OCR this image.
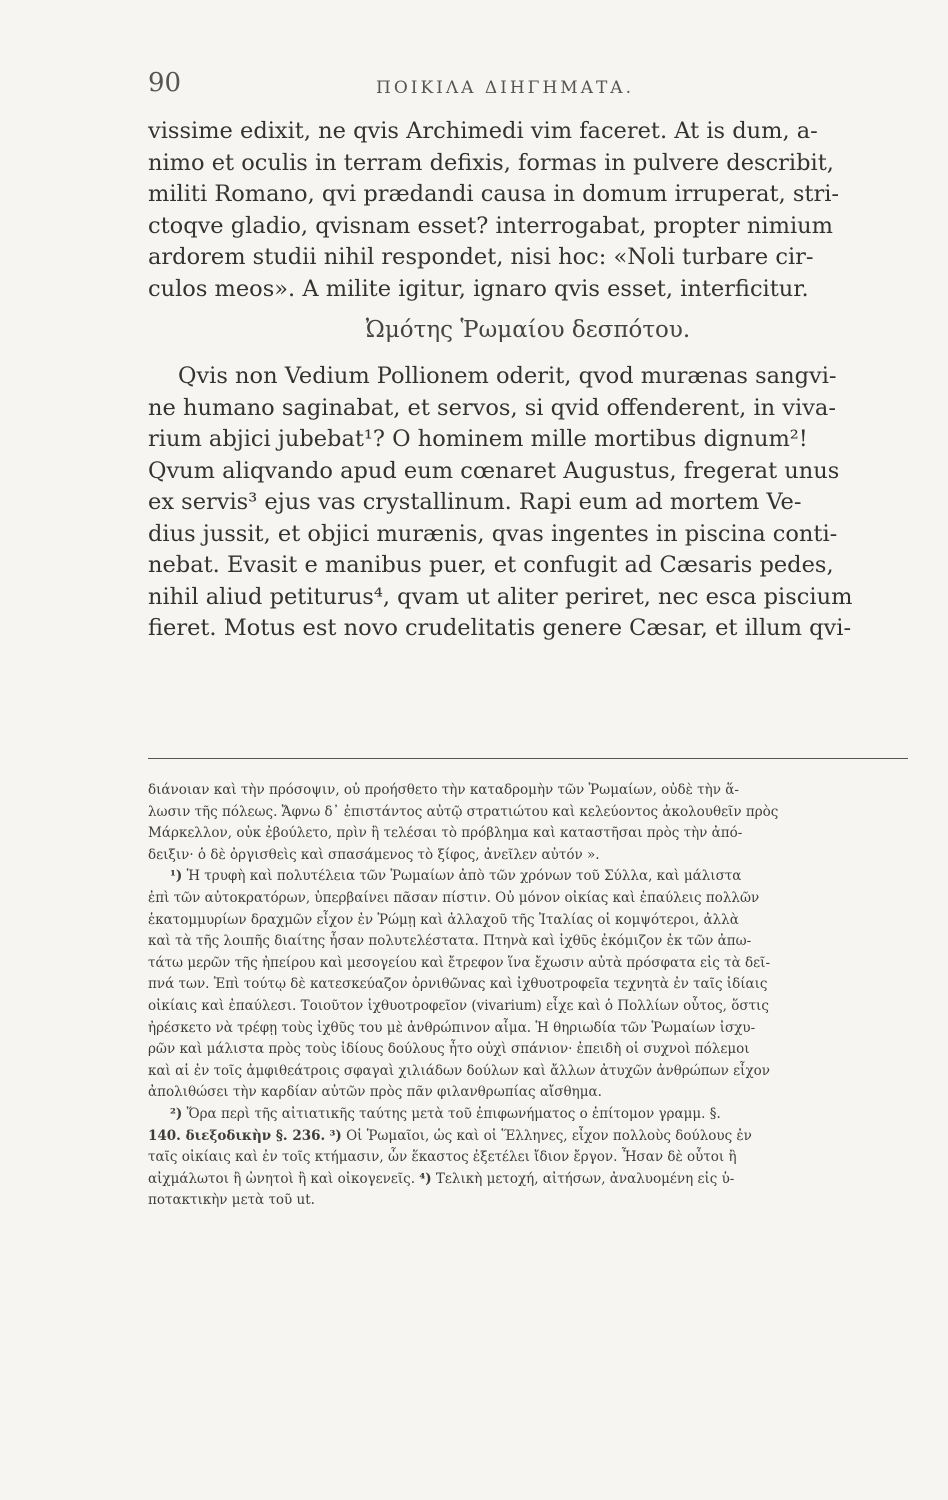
90	ΠΟΙΚΙΛΑ ΔΙΗΓΗΜΑΤΑ.
vissime edixit, ne qvis Archimedi vim faceret. At is dum, a-
nimo et oculis in terram defixis, formas in pulvere describit,
militi Romano, qvi prædandi causa in domum irruperat, stri-
ctoqve gladio, qvisnam esset? interrogabat, propter nimium
ardorem studii nihil respondet, nisi hoc: «Noli turbare cir-
culos meos». A milite igitur, ignaro qvis esset, interficitur.
Ὠμότης Ῥωμαίου δεσπότου.
Qvis non Vedium Pollionem oderit, qvod murænas sangvi-
ne humano saginabat, et servos, si qvid offenderent, in viva-
rium abjici jubebat¹? O hominem mille mortibus dignum²!
Qvum aliqvando apud eum cœnaret Augustus, fregerat unus
ex servis³ ejus vas crystallinum. Rapi eum ad mortem Ve-
dius jussit, et objici murænis, qvas ingentes in piscina conti-
nebat. Evasit e manibus puer, et confugit ad Cæsaris pedes,
nihil aliud petiturus⁴, qvam ut aliter periret, nec esca piscium
fieret. Motus est novo crudelitatis genere Cæsar, et illum qvi-
διάνοιαν καὶ τὴν πρόσοψιν, οὐ προήσθετο τὴν καταδρομὴν τῶν Ῥωμαίων, οὐδὲ τὴν ἅ-
λωσιν τῆς πόλεως. Ἄφνω δ᾽ ἐπιστάντος αὐτῷ στρατιώτου καὶ κελεύοντος ἀκολουθεῖν πρὸς
Μάρκελλον, οὐκ ἐβούλετο, πρὶν ἢ τελέσαι τὸ πρόβλημα καὶ καταστῆσαι πρὸς τὴν ἀπό-
δειξιν· ὁ δὲ ὀργισθεὶς καὶ σπασάμενος τὸ ξίφος, ἀνεῖλεν αὐτόν ».
¹) Ἡ τρυφὴ καὶ πολυτέλεια τῶν Ῥωμαίων ἀπὸ τῶν χρόνων τοῦ Σύλλα, καὶ μάλιστα
ἐπὶ τῶν αὐτοκρατόρων, ὑπερβαίνει πᾶσαν πίστιν. Οὐ μόνον οἰκίας καὶ ἐπαύλεις πολλῶν
ἑκατομμυρίων δραχμῶν εἶχον ἐν Ῥώμῃ καὶ ἀλλαχοῦ τῆς Ἰταλίας οἱ κομψότεροι, ἀλλὰ
καὶ τὰ τῆς λοιπῆς διαίτης ἦσαν πολυτελέστατα. Πτηνὰ καὶ ἰχθῦς ἐκόμιζον ἐκ τῶν ἀπω-
τάτω μερῶν τῆς ἠπείρου καὶ μεσογείου καὶ ἔτρεφον ἵνα ἔχωσιν αὐτὰ πρόσφατα εἰς τὰ δεῖ-
πνά των. Ἐπὶ τούτῳ δὲ κατεσκεύαζον ὀρνιθῶνας καὶ ἰχθυοτροφεῖα τεχνητὰ ἐν ταῖς ἰδίαις
οἰκίαις καὶ ἐπαύλεσι. Τοιοῦτον ἰχθυοτροφεῖον (vivarium) εἶχε καὶ ὁ Πολλίων οὗτος, ὅστις
ἠρέσκετο νὰ τρέφῃ τοὺς ἰχθῦς του μὲ ἀνθρώπινον αἷμα. Ἡ θηριωδία τῶν Ῥωμαίων ἰσχυ-
ρῶν καὶ μάλιστα πρὸς τοὺς ἰδίους δούλους ἦτο οὐχὶ σπάνιον· ἐπειδὴ οἱ συχνοὶ πόλεμοι
καὶ αἱ ἐν τοῖς ἀμφιθεάτροις σφαγαὶ χιλιάδων δούλων καὶ ἄλλων ἀτυχῶν ἀνθρώπων εἶχον
ἀπολιθώσει τὴν καρδίαν αὐτῶν πρὸς πᾶν φιλανθρωπίας αἴσθημα.
²) Ὅρα περὶ τῆς αἰτιατικῆς ταύτης μετὰ τοῦ ἐπιφωνήματος ο ἐπίτομον γραμμ. §.
140. διεξοδικὴν §. 236. ³) Οἱ Ῥωμαῖοι, ὡς καὶ οἱ Ἕλληνες, εἶχον πολλοὺς δούλους ἐν
ταῖς οἰκίαις καὶ ἐν τοῖς κτήμασιν, ὧν ἕκαστος ἐξετέλει ἴδιον ἔργον. Ἦσαν δὲ οὗτοι ἢ
αἰχμάλωτοι ἢ ὠνητοὶ ἢ καὶ οἰκογενεῖς. ⁴) Τελικὴ μετοχή, αἰτήσων, ἀναλυομένη εἰς ὑ-
ποτακτικὴν μετὰ τοῦ ut.
